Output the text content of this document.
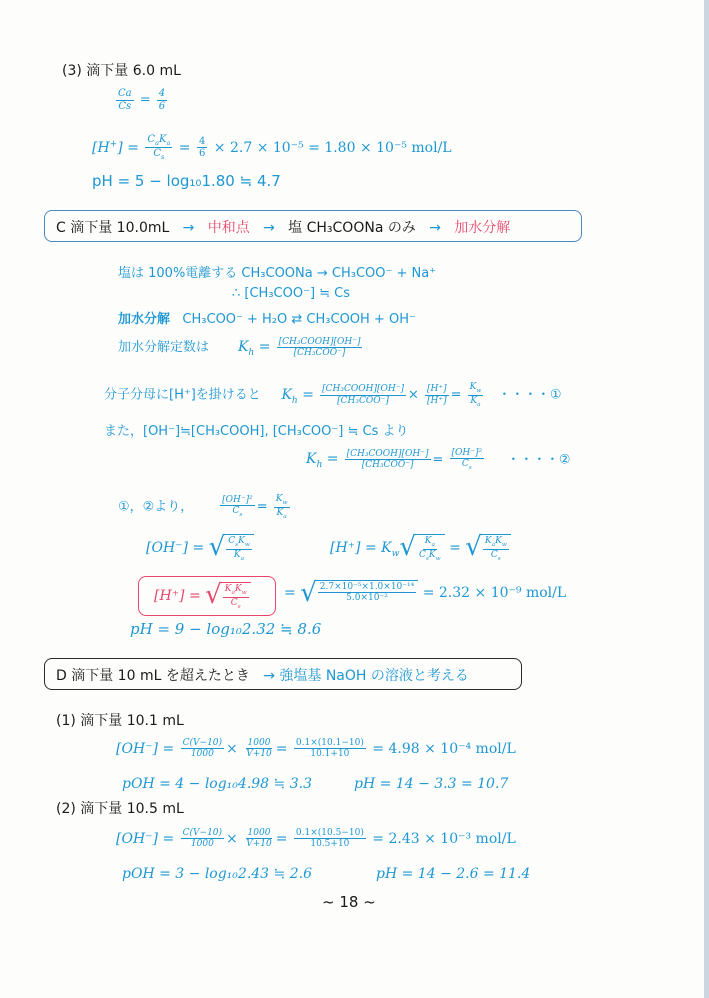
(3) 滴下量 6.0 mL
$\frac{Ca}{Cs} = \frac{4}{6}$
$[H^+] = \frac{C_aK_a}{C_s} = \frac{4}{6} \times 2.7 \times 10^{-5} = 1.80 \times 10^{-5}$ mol/L
pH = 5 − log₁₀1.80 ≒ 4.7
C 滴下量 10.0mL   →   中和点   →   塩 CH₃COONa のみ   →   加水分解
塩は 100%電離する CH₃COONa → CH₃COO⁻ + Na⁺
∴ [CH₃COO⁻] ≒ Cs
加水分解 CH₃COO⁻ + H₂O ⇄ CH₃COOH + OH⁻
加水分解定数は $K_h = \frac{\text{[CH₃COOH][OH⁻]}}{\text{[CH₃COO⁻]}}$
分子分母に[H⁺]を掛けると $K_h = \frac{\text{[CH₃COOH][OH⁻]}}{\text{[CH₃COO⁻]}} \times \frac{[H^+]}{[H^+]} = \frac{K_w}{K_a}$ ・・・・①
また，[OH⁻]≒[CH₃COOH], [CH₃COO⁻] ≒ Cs より
$K_h = \frac{\text{[CH₃COOH][OH⁻]}}{\text{[CH₃COO⁻]}} = \frac{\text{[OH⁻]²}}{C_s}$ ・・・・②
①，②より，	$\frac{\text{[OH⁻]²}}{C_s} = \frac{K_w}{K_a}$
[OH⁻] = √ $\frac{C_sK_w}{K_a}$	$[H^+] = K_w$ √ $\frac{K_a}{C_sK_w}$ = √ $\frac{K_aK_w}{C_s}$
[H⁺] = √ $\frac{K_aK_w}{C_s}$	= √ $\frac{\text{2.7×10⁻⁵×1.0×10⁻¹⁴}}{\text{5.0×10⁻²}} = 2.32 \times 10^{-9}$ mol/L
pH = 9 − log₁₀2.32 ≒ 8.6
D 滴下量 10 mL を超えたとき → 強塩基 NaOH の溶液と考える
(1) 滴下量 10.1 mL
$[OH^-] = \frac{C(V-10)}{1000} \times \frac{1000}{V+10} = \frac{0.1\times(10.1-10)}{10.1+10} = 4.98 \times 10^{-4}$ mol/L
pOH = 4 − log₁₀4.98 ≒ 3.3	pH = 14 − 3.3 = 10.7
(2) 滴下量 10.5 mL
$[OH^-] = \frac{C(V-10)}{1000} \times \frac{1000}{V+10} = \frac{0.1\times(10.5-10)}{10.5+10} = 2.43 \times 10^{-3}$ mol/L
pOH = 3 − log₁₀2.43 ≒ 2.6	pH = 14 − 2.6 = 11.4
~ 18 ~
